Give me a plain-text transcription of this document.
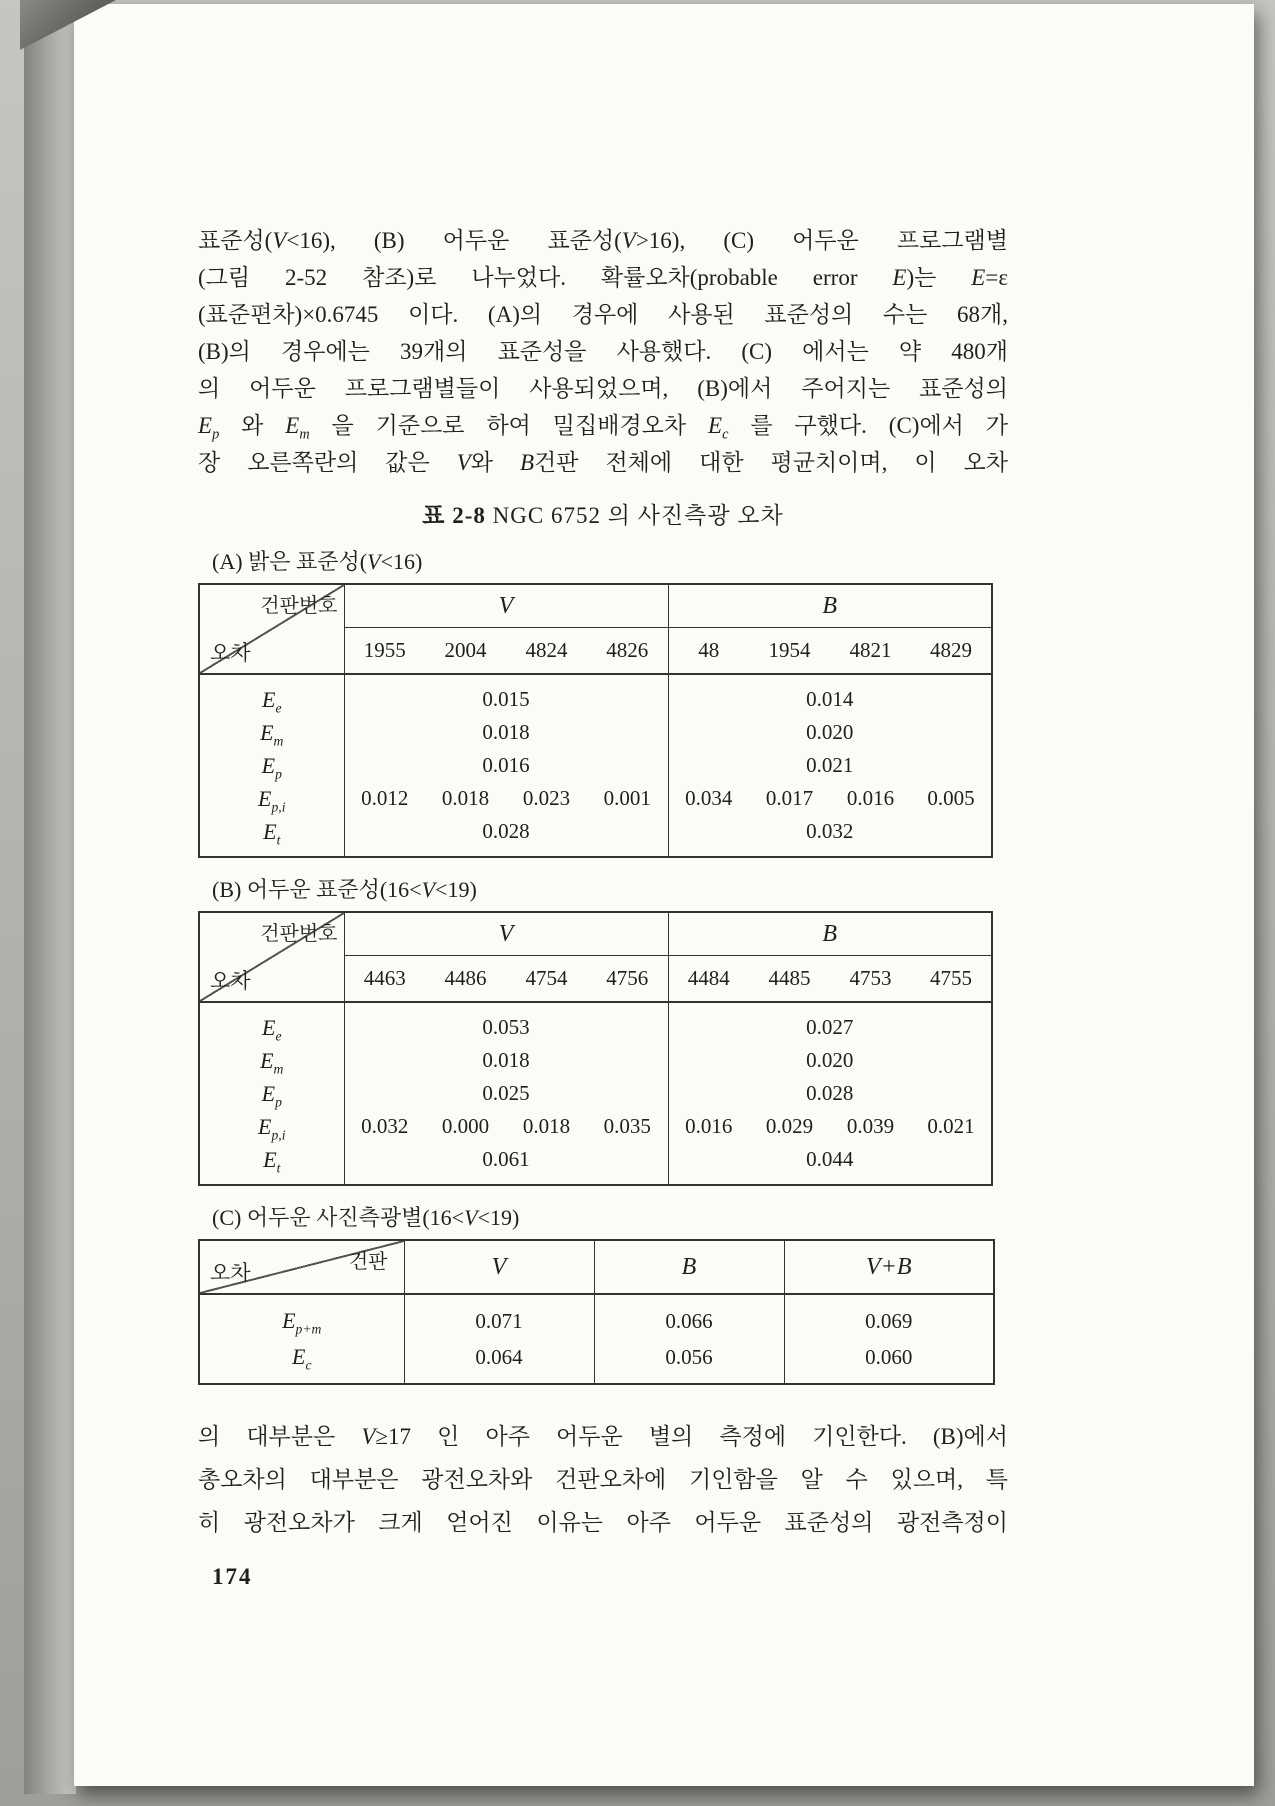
표준성(V<16), (B) 어두운 표준성(V>16), (C) 어두운 프로그램별
(그림 2-52 참조)로 나누었다. 확률오차(probable error E)는 E=ε
(표준편차)×0.6745 이다. (A)의 경우에 사용된 표준성의 수는 68개,
(B)의 경우에는 39개의 표준성을 사용했다. (C) 에서는 약 480개
의 어두운 프로그램별들이 사용되었으며, (B)에서 주어지는 표준성의
$E_p$ 와 $E_m$ 을 기준으로 하여 밀집배경오차 $E_c$ 를 구했다. (C)에서 가
장 오른쪽란의 값은 V와 B건판 전체에 대한 평균치이며, 이 오차
표 2-8 NGC 6752 의 사진측광 오차
(A) 밝은 표준성(V<16)
건판번호
오차	V				B			
	1955	2004	4824	4826	48	1954	4821	4829
$E_e$	0.015				0.014			
$E_m$	0.018				0.020			
$E_p$	0.016				0.021			
$E_{p,i}$	0.012	0.018	0.023	0.001	0.034	0.017	0.016	0.005
$E_t$	0.028				0.032			
(B) 어두운 표준성(16<V<19)
건판번호
오차	V				B			
	4463	4486	4754	4756	4484	4485	4753	4755
$E_e$	0.053				0.027			
$E_m$	0.018				0.020			
$E_p$	0.025				0.028			
$E_{p,i}$	0.032	0.000	0.018	0.035	0.016	0.029	0.039	0.021
$E_t$	0.061				0.044			
(C) 어두운 사진측광별(16<V<19)
건판
오차	V	B	V+B
$E_{p+m}$	0.071	0.066	0.069
$E_c$	0.064	0.056	0.060
의 대부분은 V≥17 인 아주 어두운 별의 측정에 기인한다. (B)에서
총오차의 대부분은 광전오차와 건판오차에 기인함을 알 수 있으며, 특
히 광전오차가 크게 얻어진 이유는 아주 어두운 표준성의 광전측정이
174
